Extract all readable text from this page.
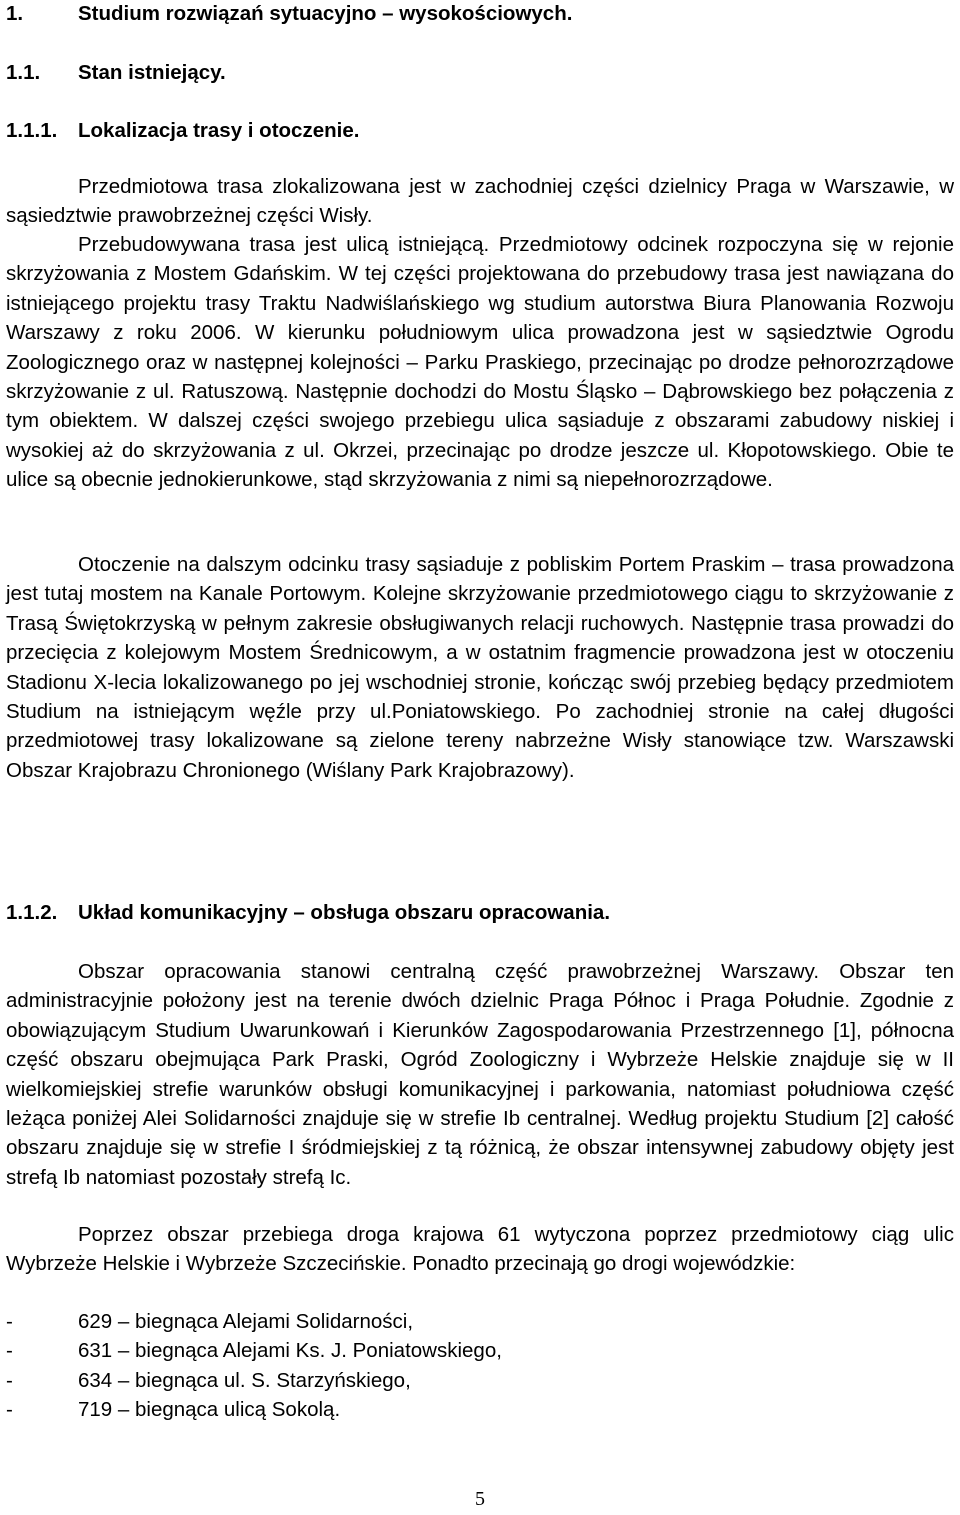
1.	Studium rozwiązań sytuacyjno – wysokościowych.
1.1. Stan istniejący.
1.1.1. Lokalizacja trasy i otoczenie.

Przedmiotowa trasa zlokalizowana jest w zachodniej części dzielnicy Praga w Warszawie, w sąsiedztwie prawobrzeżnej części Wisły.

Przebudowywana trasa jest ulicą istniejącą. Przedmiotowy odcinek rozpoczyna się w rejonie skrzyżowania z Mostem Gdańskim. W tej części projektowana do przebudowy trasa jest nawiązana do istniejącego projektu trasy Traktu Nadwiślańskiego wg studium autorstwa Biura Planowania Rozwoju Warszawy z roku 2006. W kierunku południowym ulica prowadzona jest w sąsiedztwie Ogrodu Zoologicznego oraz w następnej kolejności – Parku Praskiego, przecinając po drodze pełnorozrządowe skrzyżowanie z ul. Ratuszową. Następnie dochodzi do Mostu Śląsko – Dąbrowskiego bez połączenia z tym obiektem. W dalszej części swojego przebiegu ulica sąsiaduje z obszarami zabudowy niskiej i wysokiej aż do skrzyżowania z ul. Okrzei, przecinając po drodze jeszcze ul. Kłopotowskiego. Obie te ulice są obecnie jednokierunkowe, stąd skrzyżowania z nimi są niepełnorozrządowe.

Otoczenie na dalszym odcinku trasy sąsiaduje z pobliskim Portem Praskim – trasa prowadzona jest tutaj mostem na Kanale Portowym. Kolejne skrzyżowanie przedmiotowego ciągu to skrzyżowanie z Trasą Świętokrzyską w pełnym zakresie obsługiwanych relacji ruchowych. Następnie trasa prowadzi do przecięcia z kolejowym Mostem Średnicowym, a w ostatnim fragmencie prowadzona jest w otoczeniu Stadionu X-lecia lokalizowanego po jej wschodniej stronie, kończąc swój przebieg będący przedmiotem Studium na istniejącym węźle przy ul.Poniatowskiego. Po zachodniej stronie na całej długości przedmiotowej trasy lokalizowane są zielone tereny nabrzeżne Wisły stanowiące tzw. Warszawski Obszar Krajobrazu Chronionego (Wiślany Park Krajobrazowy).

1.1.2. Układ komunikacyjny – obsługa obszaru opracowania.

Obszar opracowania stanowi centralną część prawobrzeżnej Warszawy. Obszar ten administracyjnie położony jest na terenie dwóch dzielnic Praga Północ i Praga Południe. Zgodnie z obowiązującym Studium Uwarunkowań i Kierunków Zagospodarowania Przestrzennego [1], północna część obszaru obejmująca Park Praski, Ogród Zoologiczny i Wybrzeże Helskie znajduje się w II wielkomiejskiej strefie warunków obsługi komunikacyjnej i parkowania, natomiast południowa część leżąca poniżej Alei Solidarności znajduje się w strefie Ib centralnej. Według projektu Studium [2] całość obszaru znajduje się w strefie I śródmiejskiej z tą różnicą, że obszar intensywnej zabudowy objęty jest strefą Ib natomiast pozostały strefą Ic.

Poprzez obszar przebiega droga krajowa 61 wytyczona poprzez przedmiotowy ciąg ulic Wybrzeże Helskie i Wybrzeże Szczecińskie. Ponadto przecinają go drogi wojewódzkie:

-	629 – biegnąca Alejami Solidarności,
-	631 – biegnąca Alejami Ks. J. Poniatowskiego,
-	634 – biegnąca ul. S. Starzyńskiego,
-	719 – biegnąca ulicą Sokolą.
5
